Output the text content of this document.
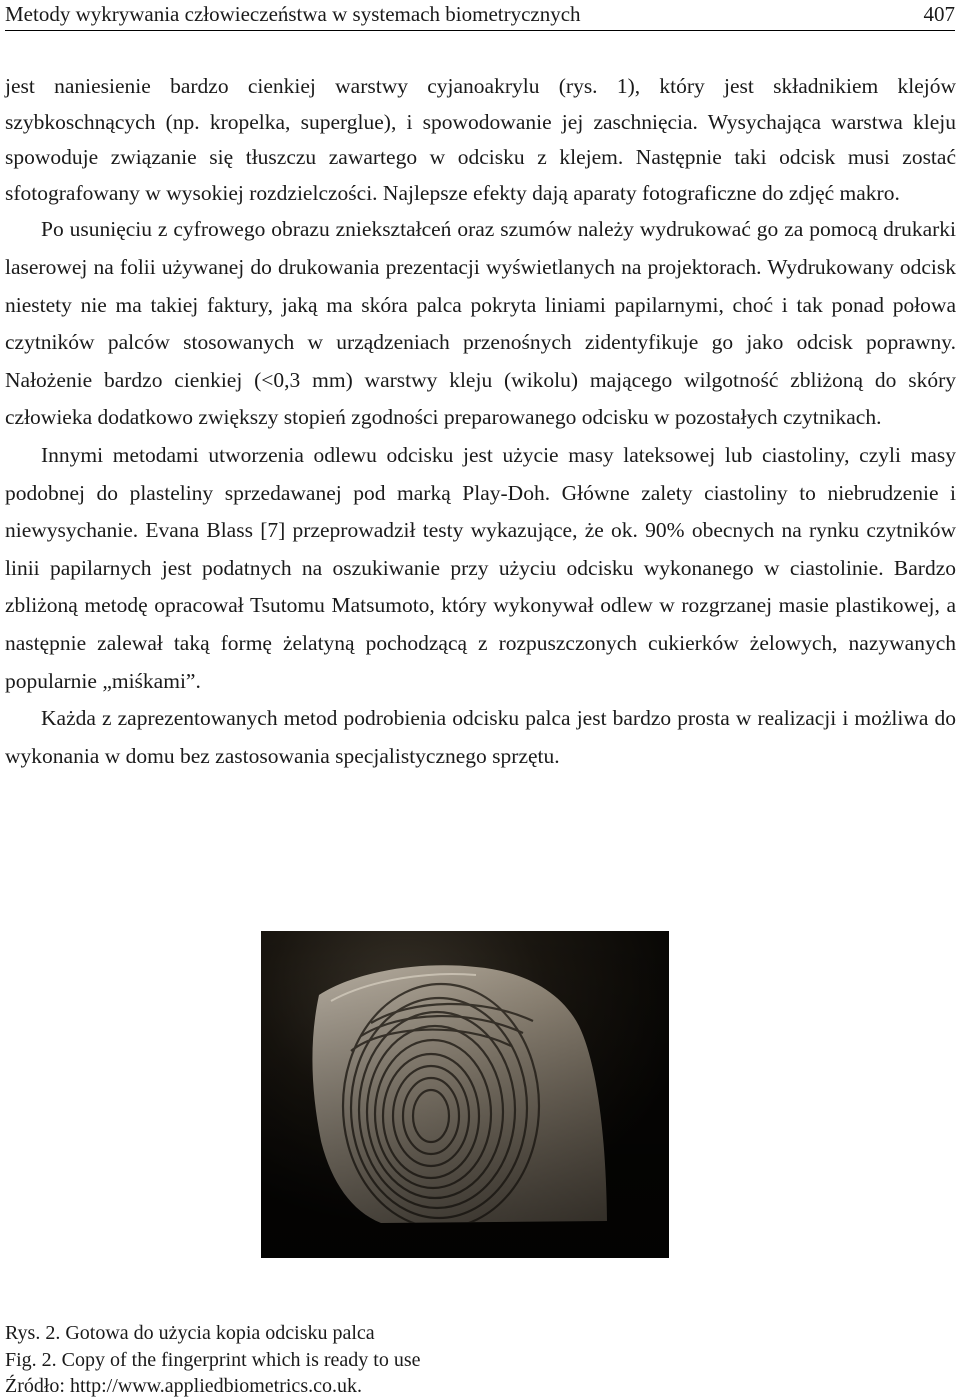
Metody wykrywania człowieczeństwa w systemach biometrycznych	407

jest naniesienie bardzo cienkiej warstwy cyjanoakrylu (rys. 1), który jest składnikiem klejów szybkoschnących (np. kropelka, superglue), i spowodowanie jej zaschnięcia. Wysychająca warstwa kleju spowoduje związanie się tłuszczu zawartego w odcisku z klejem. Następnie taki odcisk musi zostać sfotografowany w wysokiej rozdzielczości. Najlepsze efekty dają aparaty fotograficzne do zdjęć makro.

Po usunięciu z cyfrowego obrazu zniekształceń oraz szumów należy wydrukować go za pomocą drukarki laserowej na folii używanej do drukowania prezentacji wyświetlanych na projektorach. Wydrukowany odcisk niestety nie ma takiej faktury, jaką ma skóra palca pokryta liniami papilarnymi, choć i tak ponad połowa czytników palców stosowanych w urządzeniach przenośnych zidentyfikuje go jako odcisk poprawny. Nałożenie bardzo cienkiej (<0,3 mm) warstwy kleju (wikolu) mającego wilgotność zbliżoną do skóry człowieka dodatkowo zwiększy stopień zgodności preparowanego odcisku w pozostałych czytnikach.

Innymi metodami utworzenia odlewu odcisku jest użycie masy lateksowej lub ciastoliny, czyli masy podobnej do plasteliny sprzedawanej pod marką Play-Doh. Główne zalety ciastoliny to niebrudzenie i niewysychanie. Evana Blass [7] przeprowadził testy wykazujące, że ok. 90% obecnych na rynku czytników linii papilarnych jest podatnych na oszukiwanie przy użyciu odcisku wykonanego w ciastolinie. Bardzo zbliżoną metodę opracował Tsutomu Matsumoto, który wykonywał odlew w rozgrzanej masie plastikowej, a następnie zalewał taką formę żelatyną pochodzącą z rozpuszczonych cukierków żelowych, nazywanych popularnie „miśkami”.

Każda z zaprezentowanych metod podrobienia odcisku palca jest bardzo prosta w realizacji i możliwa do wykonania w domu bez zastosowania specjalistycznego sprzętu.

Rys. 2. Gotowa do użycia kopia odcisku palca
Fig. 2. Copy of the fingerprint which is ready to use
Źródło: http://www.appliedbiometrics.co.uk.
